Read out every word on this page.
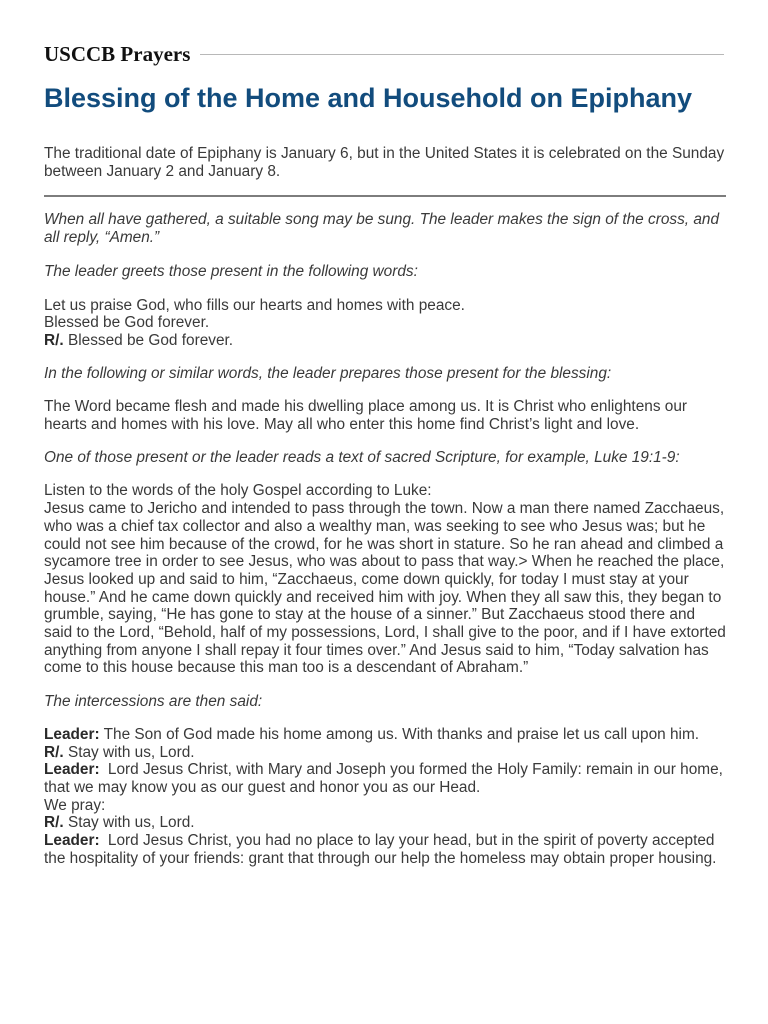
USCCB Prayers
Blessing of the Home and Household on Epiphany

The traditional date of Epiphany is January 6, but in the United States it is celebrated on the Sunday between January 2 and January 8.

When all have gathered, a suitable song may be sung. The leader makes the sign of the cross, and all reply, “Amen.”

The leader greets those present in the following words:

Let us praise God, who fills our hearts and homes with peace.
Blessed be God forever.
R/. Blessed be God forever.

In the following or similar words, the leader prepares those present for the blessing:

The Word became flesh and made his dwelling place among us. It is Christ who enlightens our hearts and homes with his love. May all who enter this home find Christ’s light and love.

One of those present or the leader reads a text of sacred Scripture, for example, Luke 19:1-9:

Listen to the words of the holy Gospel according to Luke:
Jesus came to Jericho and intended to pass through the town. Now a man there named Zacchaeus, who was a chief tax collector and also a wealthy man, was seeking to see who Jesus was; but he could not see him because of the crowd, for he was short in stature. So he ran ahead and climbed a sycamore tree in order to see Jesus, who was about to pass that way.> When he reached the place, Jesus looked up and said to him, “Zacchaeus, come down quickly, for today I must stay at your house.” And he came down quickly and received him with joy. When they all saw this, they began to grumble, saying, “He has gone to stay at the house of a sinner.” But Zacchaeus stood there and said to the Lord, “Behold, half of my possessions, Lord, I shall give to the poor, and if I have extorted anything from anyone I shall repay it four times over.” And Jesus said to him, “Today salvation has come to this house because this man too is a descendant of Abraham.”

The intercessions are then said:

Leader: The Son of God made his home among us. With thanks and praise let us call upon him.
R/. Stay with us, Lord.
Leader: Lord Jesus Christ, with Mary and Joseph you formed the Holy Family: remain in our home, that we may know you as our guest and honor you as our Head.
We pray:
R/. Stay with us, Lord.
Leader: Lord Jesus Christ, you had no place to lay your head, but in the spirit of poverty accepted the hospitality of your friends: grant that through our help the homeless may obtain proper housing.
